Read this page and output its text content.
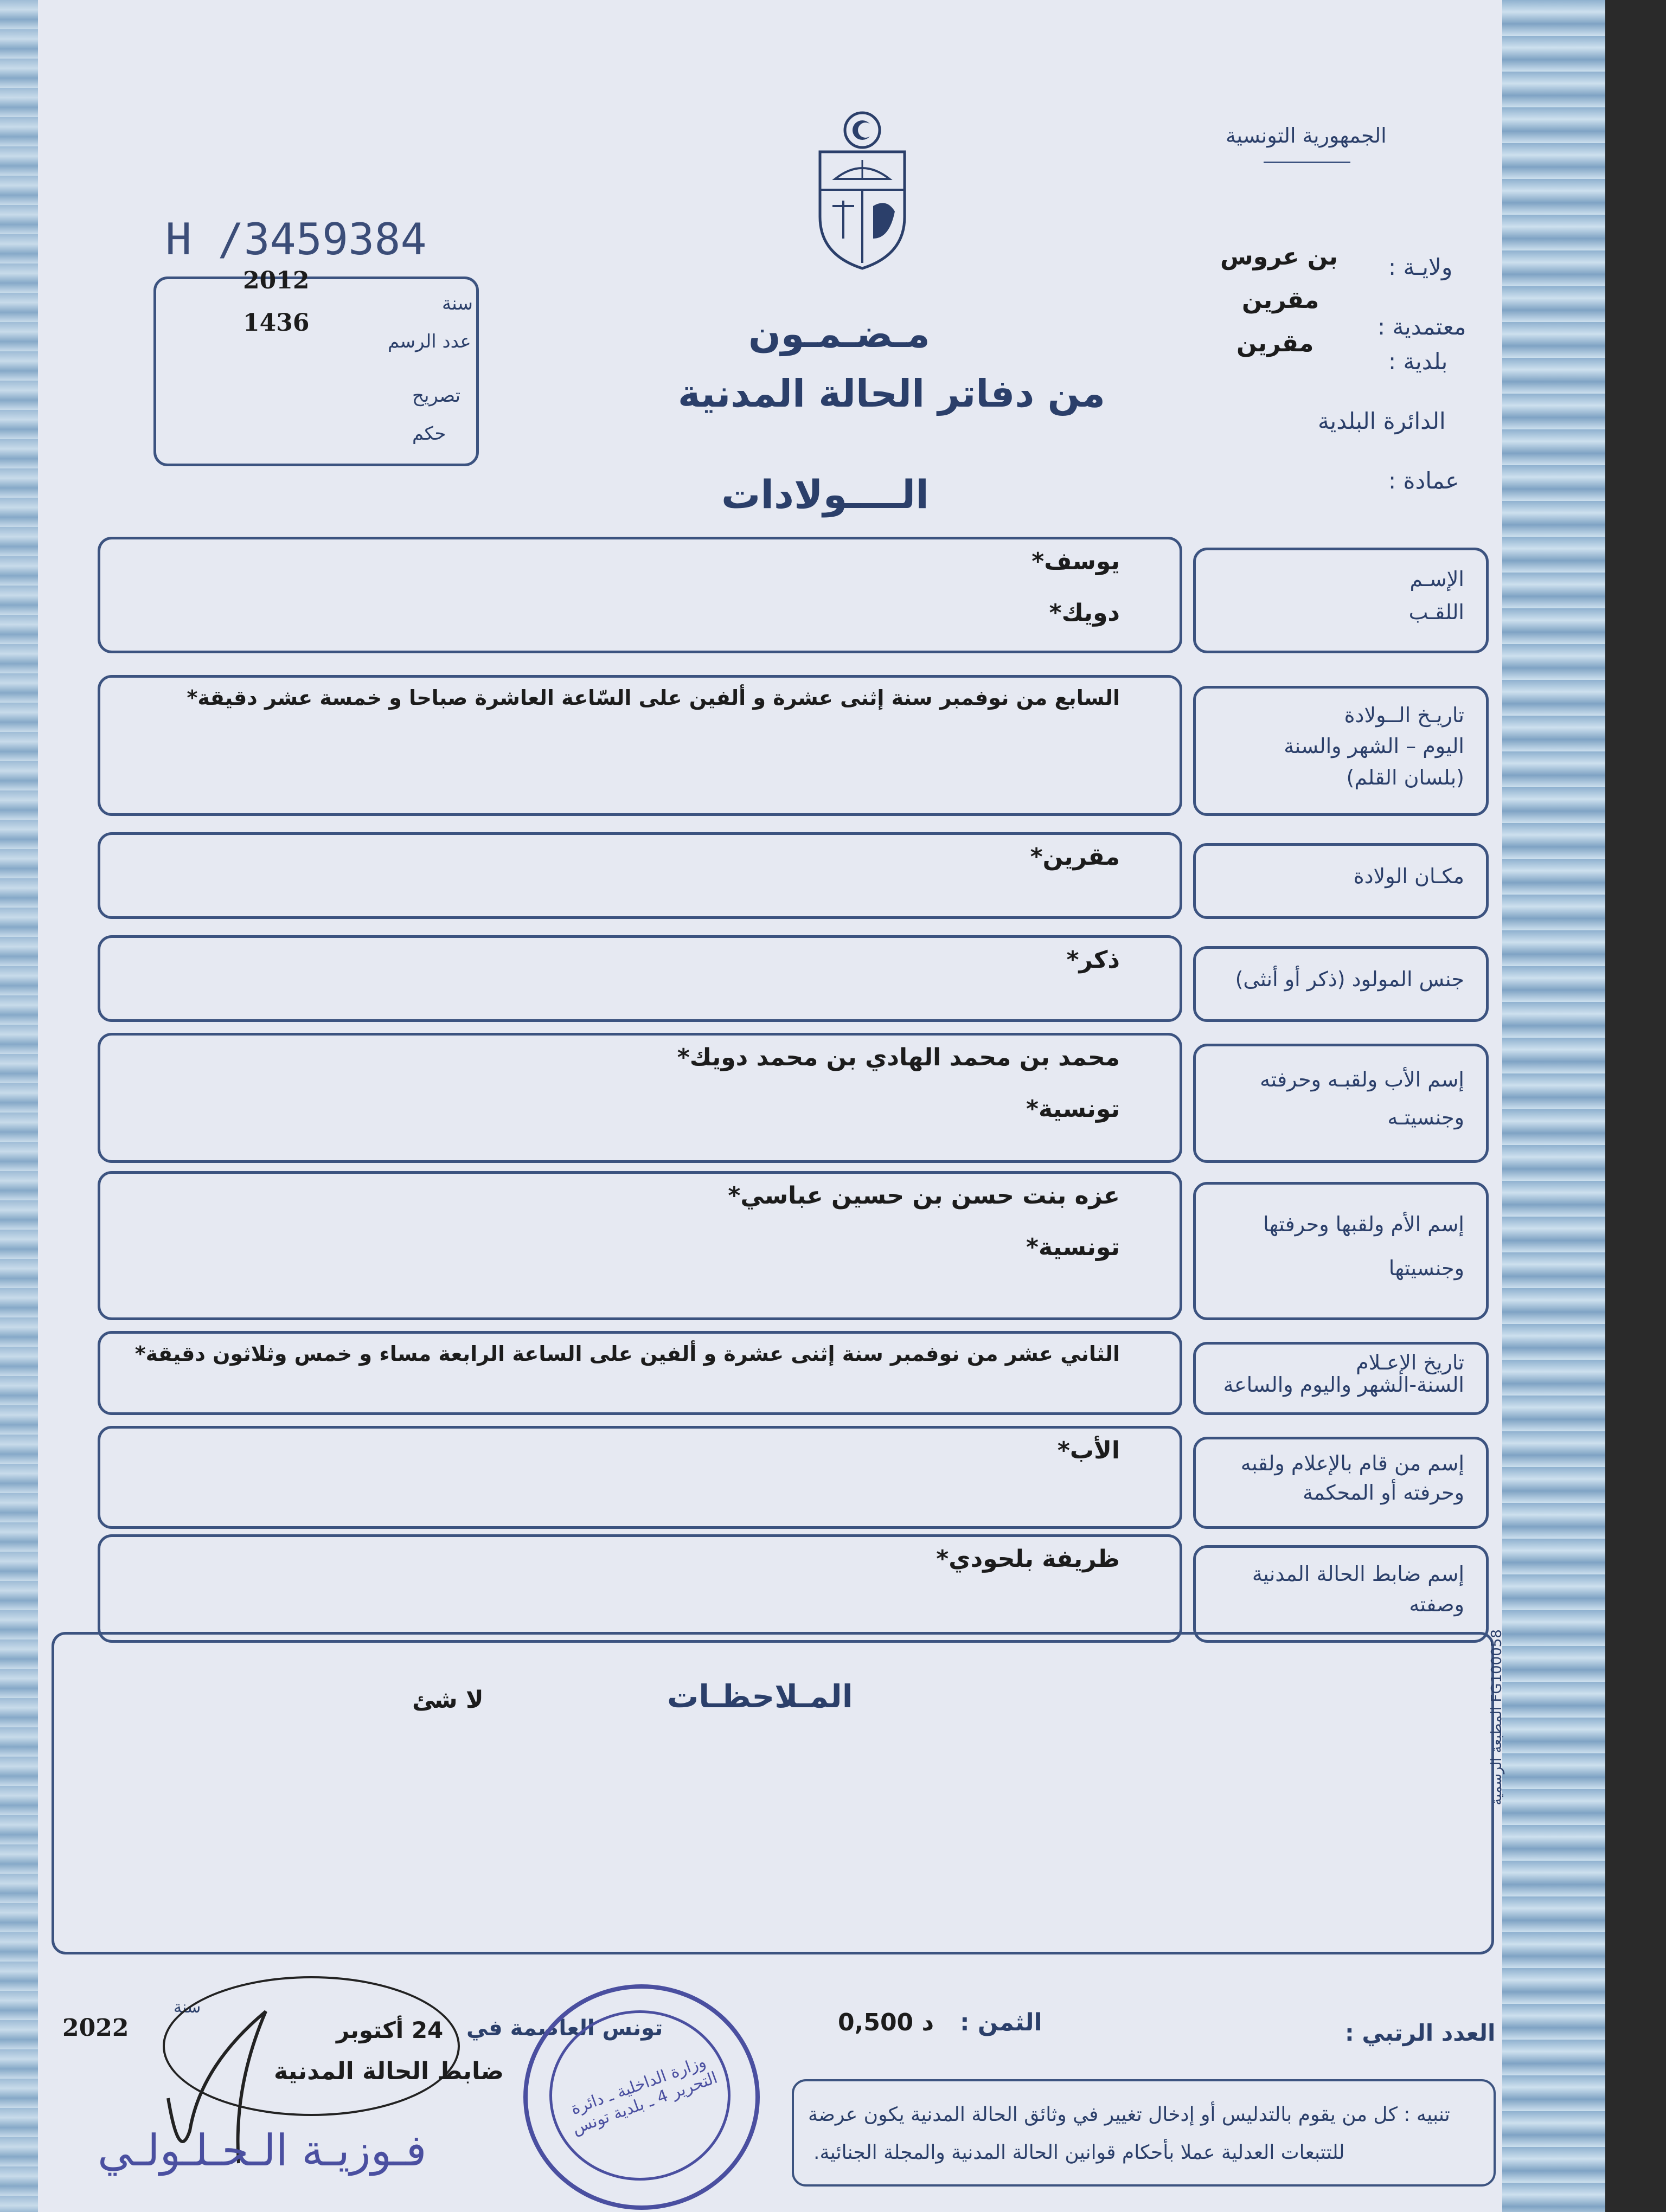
الجمهورية التونسية
ولايـة :
بن عروس
معتمدية :
مقرين
بلدية :
مقرين
الدائرة البلدية
عمادة :
H /3459384
2012
1436
سنة
عدد الرسم
تصريح
حكم
مـضـمـون
من دفاتر الحالة المدنية
الــــولادات
الإسـم
اللقـب
يوسف*
دويك*
تاريـخ الــولادة
اليوم – الشهر والسنة
(بلسان القلم)
السابع من نوفمبر سنة إثنى عشرة و ألفين على السّاعة العاشرة صباحا و خمسة عشر دقيقة*
مكـان الولادة
مقرين*
جنس المولود (ذكر أو أنثى)
ذكر*
إسم الأب ولقبـه وحرفته
وجنسيتـه
محمد بن محمد الهادي بن محمد دويك*
تونسية*
إسم الأم ولقبها وحرفتها
وجنسيتها
عزه بنت حسن بن حسين عباسي*
تونسية*
تاريخ الإعـلام
السنة-الشهر واليوم والساعة
الثاني عشر من نوفمبر سنة إثنى عشرة و ألفين على الساعة الرابعة مساء و خمس وثلاثون دقيقة*
إسم من قام بالإعلام ولقبه
وحرفته أو المحكمة
الأب*
إسم ضابط الحالة المدنية
وصفته
ظريفة بلحودي*
المـلاحظـات
لا شئ
المطبعة الرسمية FG100058
العدد الرتبي :
الثمن :
0,500 د
تونس العاصمة في
24 أكتوبر
سنة
2022
ضابط الحالة المدنية
فـوزيـة الـحـلـولـي
وزارة الداخلية ـ دائرة التحرير 4 ـ بلدية تونس
تنبيه : كل من يقوم بالتدليس أو إدخال تغيير في وثائق الحالة المدنية يكون عرضة
للتتبعات العدلية عملا بأحكام قوانين الحالة المدنية والمجلة الجنائية.
